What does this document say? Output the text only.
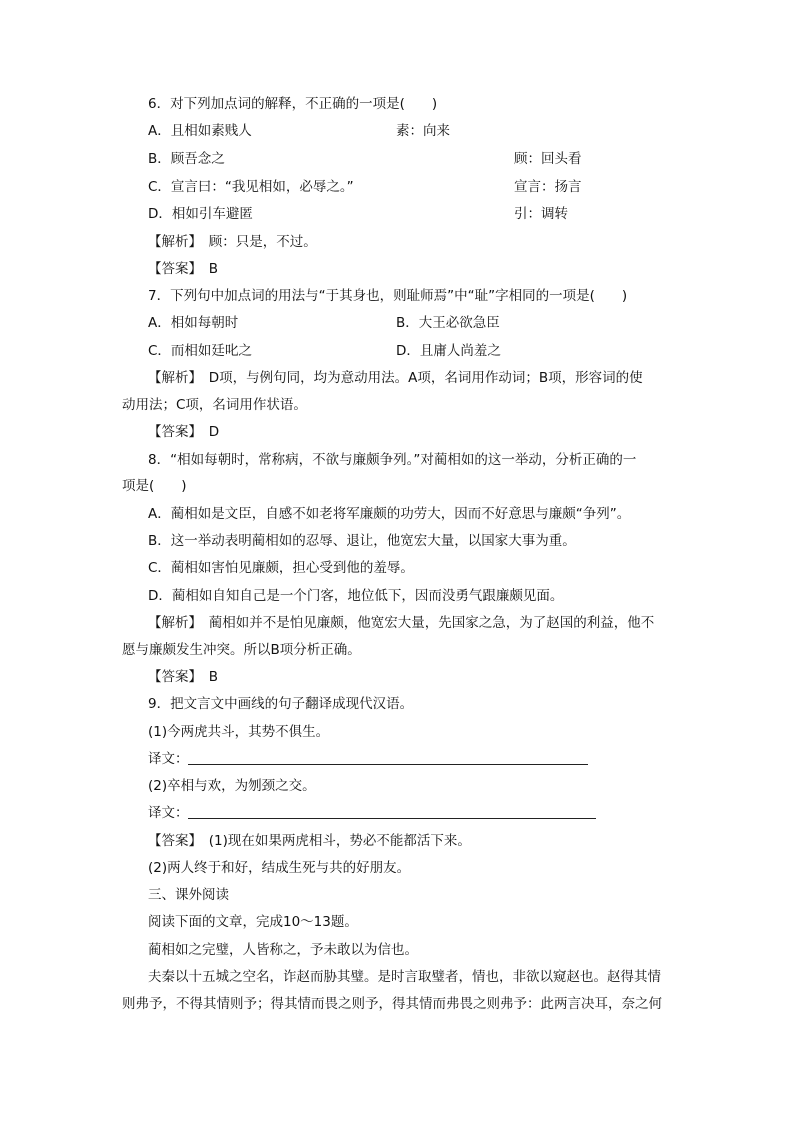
6．对下列加点词的解释，不正确的一项是(　　)
A．且相如素贱人	素：向来
B．顾吾念之	顾：回头看
C．宣言曰：“我见相如，必辱之。”	宣言：扬言
D．相如引车避匿	引：调转
【解析】　顾：只是，不过。
【答案】　B
7．下列句中加点词的用法与“于其身也，则耻师焉”中“耻”字相同的一项是(　　)
A．相如每朝时	B．大王必欲急臣
C．而相如廷叱之	D．且庸人尚羞之
【解析】　D项，与例句同，均为意动用法。A项，名词用作动词；B项，形容词的使
动用法；C项，名词用作状语。
【答案】　D
8．“相如每朝时，常称病，不欲与廉颇争列。”对蔺相如的这一举动，分析正确的一
项是(　　)
A．蔺相如是文臣，自感不如老将军廉颇的功劳大，因而不好意思与廉颇“争列”。
B．这一举动表明蔺相如的忍辱、退让，他宽宏大量，以国家大事为重。
C．蔺相如害怕见廉颇，担心受到他的羞辱。
D．蔺相如自知自己是一个门客，地位低下，因而没勇气跟廉颇见面。
【解析】　蔺相如并不是怕见廉颇，他宽宏大量，先国家之急，为了赵国的利益，他不
愿与廉颇发生冲突。所以B项分析正确。
【答案】　B
9．把文言文中画线的句子翻译成现代汉语。
(1)今两虎共斗，其势不俱生。
译文：
(2)卒相与欢，为刎颈之交。
译文：
【答案】　(1)现在如果两虎相斗，势必不能都活下来。
(2)两人终于和好，结成生死与共的好朋友。
三、课外阅读
阅读下面的文章，完成10～13题。
蔺相如之完璧，人皆称之，予未敢以为信也。
夫秦以十五城之空名，诈赵而胁其璧。是时言取璧者，情也，非欲以窥赵也。赵得其情
则弗予，不得其情则予；得其情而畏之则予，得其情而弗畏之则弗予：此两言决耳，奈之何
